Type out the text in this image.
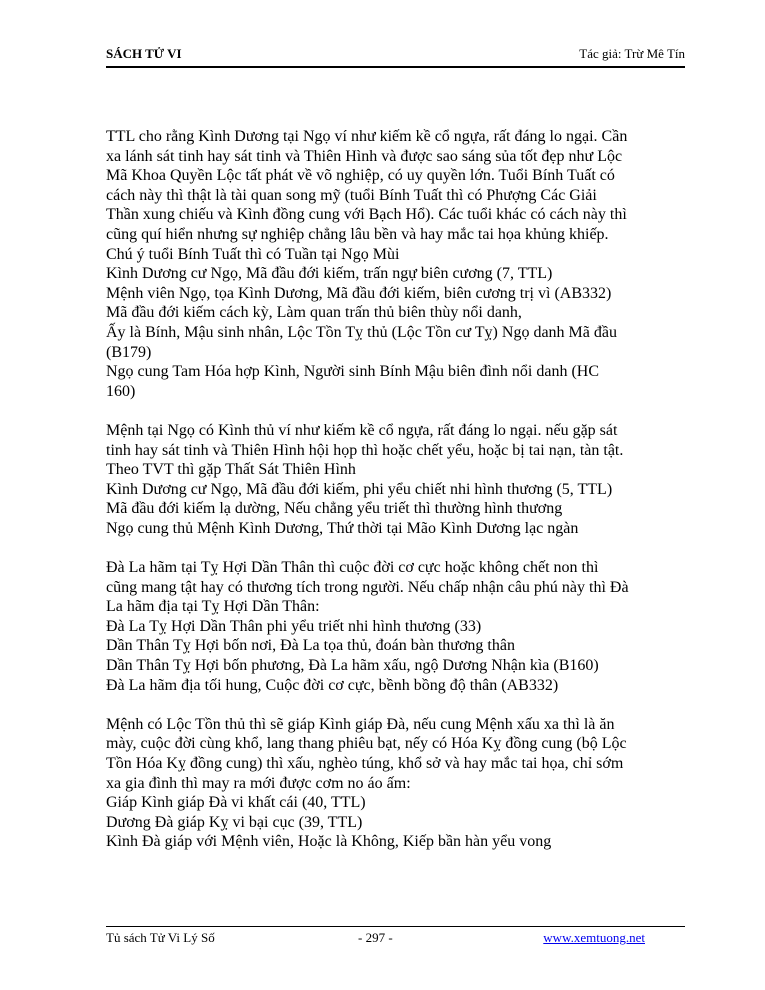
SÁCH TỬ VI	Tác giả: Trừ Mê Tín

TTL cho rằng Kình Dương tại Ngọ ví như kiếm kề cổ ngựa, rất đáng lo ngại. Cần
xa lánh sát tinh hay sát tinh và Thiên Hình và được sao sáng sủa tốt đẹp như Lộc
Mã Khoa Quyền Lộc tất phát về võ nghiệp, có uy quyền lớn. Tuổi Bính Tuất có
cách này thì thật là tài quan song mỹ (tuổi Bính Tuất thì có Phượng Các Giải
Thần xung chiếu và Kình đồng cung với Bạch Hổ). Các tuổi khác có cách này thì
cũng quí hiển nhưng sự nghiệp chẳng lâu bền và hay mắc tai họa khủng khiếp.
Chú ý tuổi Bính Tuất thì có Tuần tại Ngọ Mùi
Kình Dương cư Ngọ, Mã đầu đới kiếm, trấn ngự biên cương (7, TTL)
Mệnh viên Ngọ, tọa Kình Dương, Mã đầu đới kiếm, biên cương trị vì (AB332)
Mã đầu đới kiếm cách kỳ, Làm quan trấn thủ biên thùy nổi danh,
Ấy là Bính, Mậu sinh nhân, Lộc Tồn Tỵ thủ (Lộc Tồn cư Tỵ) Ngọ danh Mã đầu
(B179)
Ngọ cung Tam Hóa hợp Kình, Người sinh Bính Mậu biên đình nổi danh (HC
160)

Mệnh tại Ngọ có Kình thủ ví như kiếm kề cổ ngựa, rất đáng lo ngại. nếu gặp sát
tinh hay sát tinh và Thiên Hình hội họp thì hoặc chết yểu, hoặc bị tai nạn, tàn tật.
Theo TVT thì gặp Thất Sát Thiên Hình
Kình Dương cư Ngọ, Mã đầu đới kiếm, phi yểu chiết nhi hình thương (5, TTL)
Mã đầu đới kiếm lạ dường, Nếu chẳng yểu triết thì thường hình thương
Ngọ cung thủ Mệnh Kình Dương, Thứ thời tại Mão Kình Dương lạc ngàn

Đà La hãm tại Tỵ Hợi Dần Thân thì cuộc đời cơ cực hoặc không chết non thì
cũng mang tật hay có thương tích trong người. Nếu chấp nhận câu phú này thì Đà
La hãm địa tại Tỵ Hợi Dần Thân:
Đà La Tỵ Hợi Dần Thân phi yểu triết nhi hình thương (33)
Dần Thân Tỵ Hợi bốn nơi, Đà La tọa thủ, đoán bàn thương thân
Dần Thân Tỵ Hợi bốn phương, Đà La hãm xấu, ngộ Dương Nhận kìa (B160)
Đà La hãm địa tối hung, Cuộc đời cơ cực, bềnh bồng độ thân (AB332)

Mệnh có Lộc Tồn thủ thì sẽ giáp Kình giáp Đà, nếu cung Mệnh xấu xa thì là ăn
mày, cuộc đời cùng khổ, lang thang phiêu bạt, nếy có Hóa Kỵ đồng cung (bộ Lộc
Tồn Hóa Kỵ đồng cung) thì xấu, nghèo túng, khổ sở và hay mắc tai họa, chỉ sớm
xa gia đình thì may ra mới được cơm no áo ấm:
Giáp Kình giáp Đà vi khất cái (40, TTL)
Dương Đà giáp Kỵ vi bại cục (39, TTL)
Kình Đà giáp với Mệnh viên, Hoặc là Không, Kiếp bần hàn yểu vong

Tủ sách Tử Vi Lý Số	- 297 -	www.xemtuong.net
